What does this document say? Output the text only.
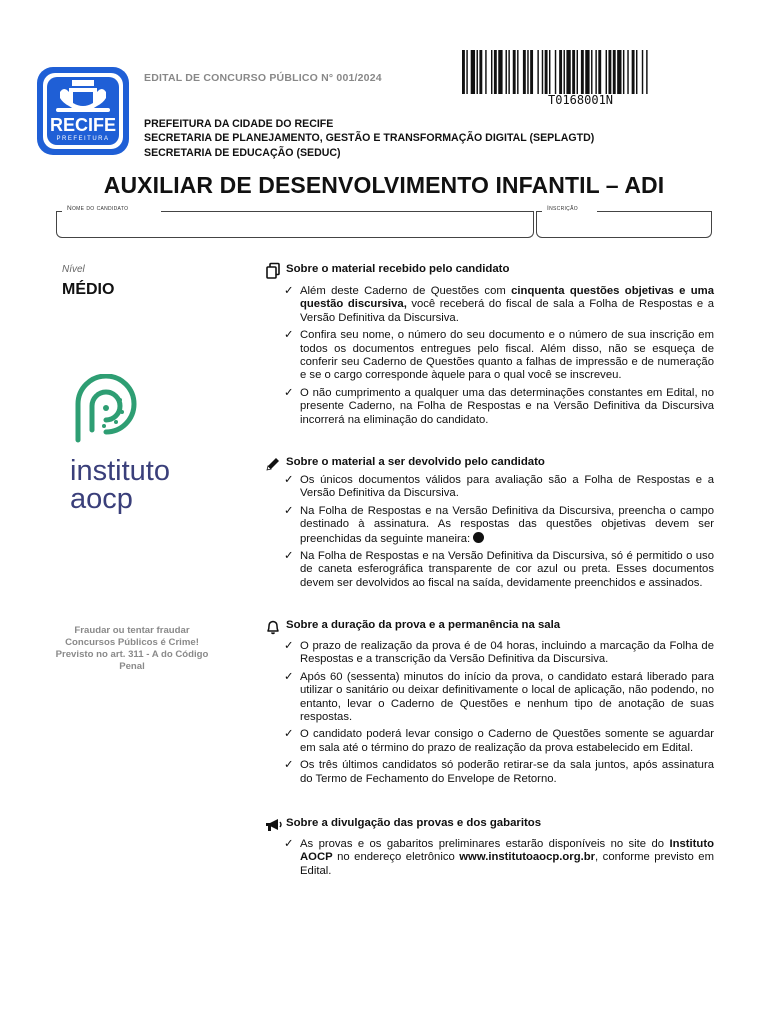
RECIFE
PREFEITURA
EDITAL DE CONCURSO PÚBLICO N° 001/2024
T0168001N
PREFEITURA DA CIDADE DO RECIFE
SECRETARIA DE PLANEJAMENTO, GESTÃO E TRANSFORMAÇÃO DIGITAL (SEPLAGTD)
SECRETARIA DE EDUCAÇÃO (SEDUC)
AUXILIAR DE DESENVOLVIMENTO INFANTIL – ADI
Nome do candidato	Inscrição
Nível
MÉDIO
instituto
aocp
Fraudar ou tentar fraudar Concursos Públicos é Crime! Previsto no art. 311 - A do Código Penal
Sobre o material recebido pelo candidato
✓ Além deste Caderno de Questões com cinquenta questões objetivas e uma questão discursiva, você receberá do fiscal de sala a Folha de Respostas e a Versão Definitiva da Discursiva.
✓ Confira seu nome, o número do seu documento e o número de sua inscrição em todos os documentos entregues pelo fiscal. Além disso, não se esqueça de conferir seu Caderno de Questões quanto a falhas de impressão e de numeração e se o cargo corresponde àquele para o qual você se inscreveu.
✓ O não cumprimento a qualquer uma das determinações constantes em Edital, no presente Caderno, na Folha de Respostas e na Versão Definitiva da Discursiva incorrerá na eliminação do candidato.
Sobre o material a ser devolvido pelo candidato
✓ Os únicos documentos válidos para avaliação são a Folha de Respostas e a Versão Definitiva da Discursiva.
✓ Na Folha de Respostas e na Versão Definitiva da Discursiva, preencha o campo destinado à assinatura. As respostas das questões objetivas devem ser preenchidas da seguinte maneira:
✓ Na Folha de Respostas e na Versão Definitiva da Discursiva, só é permitido o uso de caneta esferográfica transparente de cor azul ou preta. Esses documentos devem ser devolvidos ao fiscal na saída, devidamente preenchidos e assinados.
Sobre a duração da prova e a permanência na sala
✓ O prazo de realização da prova é de 04 horas, incluindo a marcação da Folha de Respostas e a transcrição da Versão Definitiva da Discursiva.
✓ Após 60 (sessenta) minutos do início da prova, o candidato estará liberado para utilizar o sanitário ou deixar definitivamente o local de aplicação, não podendo, no entanto, levar o Caderno de Questões e nenhum tipo de anotação de suas respostas.
✓ O candidato poderá levar consigo o Caderno de Questões somente se aguardar em sala até o término do prazo de realização da prova estabelecido em Edital.
✓ Os três últimos candidatos só poderão retirar-se da sala juntos, após assinatura do Termo de Fechamento do Envelope de Retorno.
Sobre a divulgação das provas e dos gabaritos
✓ As provas e os gabaritos preliminares estarão disponíveis no site do Instituto AOCP no endereço eletrônico www.institutoaocp.org.br, conforme previsto em Edital.
